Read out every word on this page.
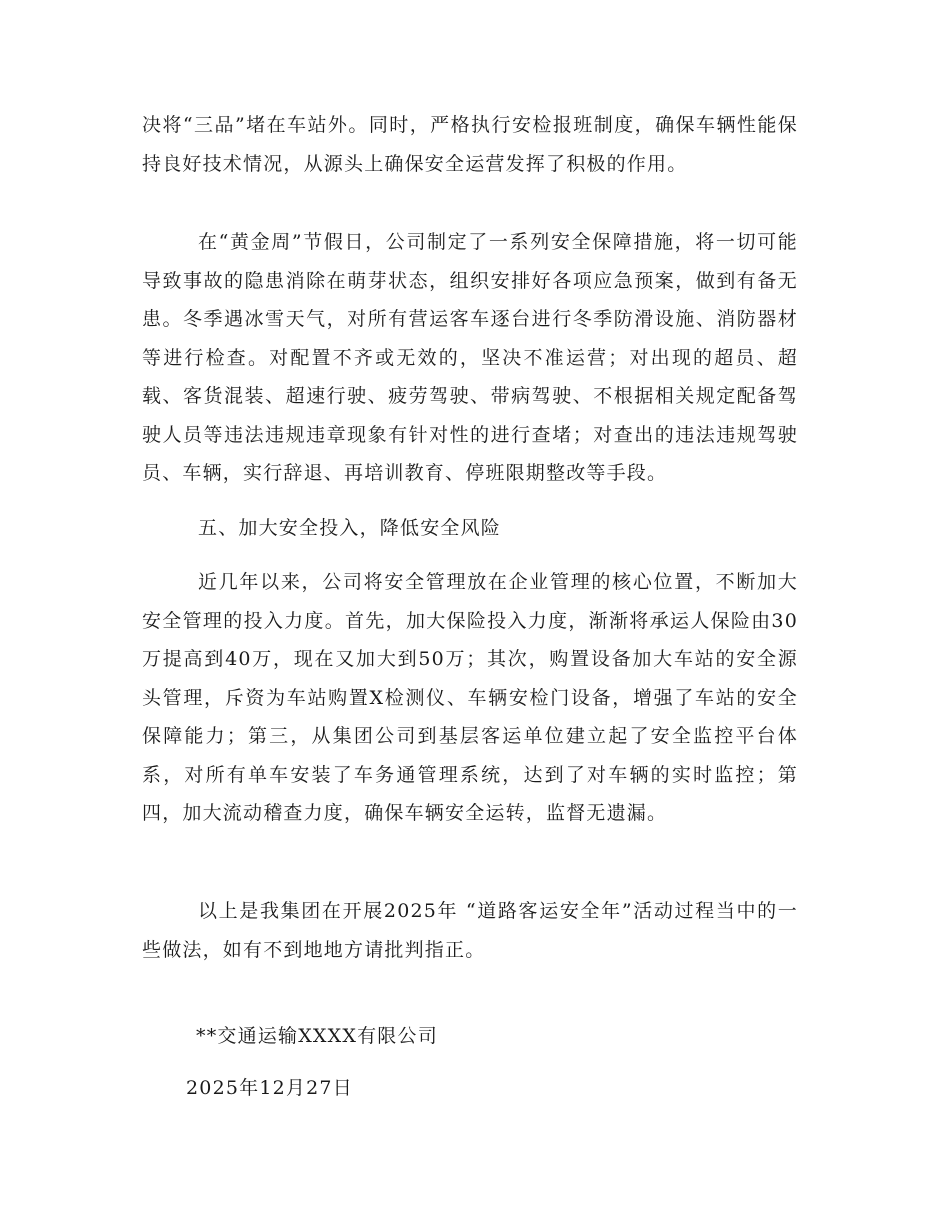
决将“三品”堵在车站外。同时，严格执行安检报班制度，确保车辆性能保持良好技术情况，从源头上确保安全运营发挥了积极的作用。

在“黄金周”节假日，公司制定了一系列安全保障措施，将一切可能导致事故的隐患消除在萌芽状态，组织安排好各项应急预案，做到有备无患。冬季遇冰雪天气，对所有营运客车逐台进行冬季防滑设施、消防器材等进行检查。对配置不齐或无效的，坚决不准运营；对出现的超员、超载、客货混装、超速行驶、疲劳驾驶、带病驾驶、不根据相关规定配备驾驶人员等违法违规违章现象有针对性的进行查堵；对查出的违法违规驾驶员、车辆，实行辞退、再培训教育、停班限期整改等手段。

五、加大安全投入，降低安全风险

近几年以来，公司将安全管理放在企业管理的核心位置，不断加大安全管理的投入力度。首先，加大保险投入力度，渐渐将承运人保险由30万提高到40万，现在又加大到50万；其次，购置设备加大车站的安全源头管理，斥资为车站购置X检测仪、车辆安检门设备，增强了车站的安全保障能力；第三，从集团公司到基层客运单位建立起了安全监控平台体系，对所有单车安装了车务通管理系统，达到了对车辆的实时监控；第四，加大流动稽查力度，确保车辆安全运转，监督无遗漏。

以上是我集团在开展2025年 “道路客运安全年”活动过程当中的一些做法，如有不到地地方请批判指正。

**交通运输XXXX有限公司

2025年12月27日
